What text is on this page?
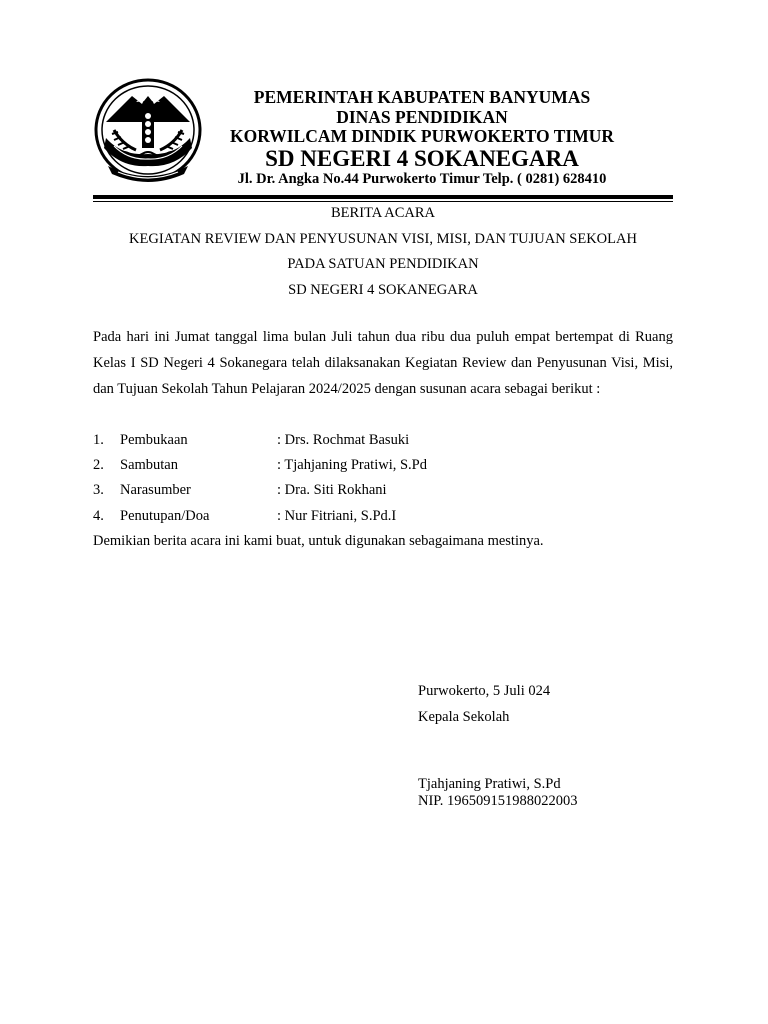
PEMERINTAH KABUPATEN BANYUMAS
DINAS PENDIDIKAN
KORWILCAM DINDIK PURWOKERTO TIMUR
SD NEGERI 4 SOKANEGARA
Jl. Dr. Angka No.44 Purwokerto Timur Telp. ( 0281) 628410
BERITA ACARA
KEGIATAN REVIEW DAN PENYUSUNAN VISI, MISI, DAN TUJUAN SEKOLAH
PADA SATUAN PENDIDIKAN
SD NEGERI 4 SOKANEGARA
Pada hari ini Jumat tanggal lima bulan Juli tahun dua ribu dua puluh empat bertempat di Ruang Kelas I SD Negeri 4 Sokanegara telah dilaksanakan Kegiatan Review dan Penyusunan Visi, Misi, dan Tujuan Sekolah Tahun Pelajaran 2024/2025 dengan susunan acara sebagai berikut :
1. Pembukaan	: Drs. Rochmat Basuki
2. Sambutan	: Tjahjaning Pratiwi, S.Pd
3. Narasumber	: Dra. Siti Rokhani
4. Penutupan/Doa	: Nur Fitriani, S.Pd.I
Demikian berita acara ini kami buat, untuk digunakan sebagaimana mestinya.
Purwokerto, 5 Juli 024
Kepala Sekolah
Tjahjaning Pratiwi, S.Pd
NIP. 196509151988022003
